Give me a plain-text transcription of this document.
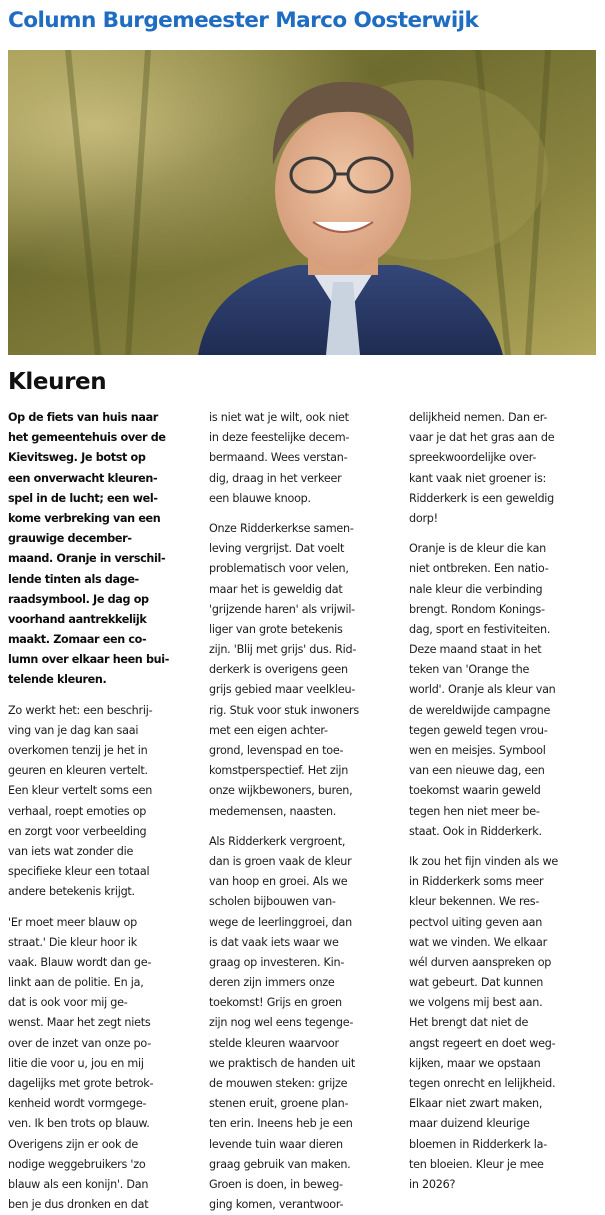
Column Burgemeester Marco Oosterwijk
Kleuren
Op de fiets van huis naar
het gemeentehuis over de
Kievitsweg. Je botst op
een onverwacht kleuren-
spel in de lucht; een wel-
kome verbreking van een
grauwige december-
maand. Oranje in verschil-
lende tinten als dage-
raadsymbool. Je dag op
voorhand aantrekkelijk
maakt. Zomaar een co-
lumn over elkaar heen bui-
telende kleuren.
Zo werkt het: een beschrij-
ving van je dag kan saai
overkomen tenzij je het in
geuren en kleuren vertelt.
Een kleur vertelt soms een
verhaal, roept emoties op
en zorgt voor verbeelding
van iets wat zonder die
specifieke kleur een totaal
andere betekenis krijgt.
'Er moet meer blauw op
straat.' Die kleur hoor ik
vaak. Blauw wordt dan ge-
linkt aan de politie. En ja,
dat is ook voor mij ge-
wenst. Maar het zegt niets
over de inzet van onze po-
litie die voor u, jou en mij
dagelijks met grote betrok-
kenheid wordt vormgege-
ven. Ik ben trots op blauw.
Overigens zijn er ook de
nodige weggebruikers 'zo
blauw als een konijn'. Dan
ben je dus dronken en dat
is niet wat je wilt, ook niet
in deze feestelijke decem-
bermaand. Wees verstan-
dig, draag in het verkeer
een blauwe knoop.
Onze Ridderkerkse samen-
leving vergrijst. Dat voelt
problematisch voor velen,
maar het is geweldig dat
'grijzende haren' als vrijwil-
liger van grote betekenis
zijn. 'Blij met grijs' dus. Rid-
derkerk is overigens geen
grijs gebied maar veelkleu-
rig. Stuk voor stuk inwoners
met een eigen achter-
grond, levenspad en toe-
komstperspectief. Het zijn
onze wijkbewoners, buren,
medemensen, naasten.
Als Ridderkerk vergroent,
dan is groen vaak de kleur
van hoop en groei. Als we
scholen bijbouwen van-
wege de leerlinggroei, dan
is dat vaak iets waar we
graag op investeren. Kin-
deren zijn immers onze
toekomst! Grijs en groen
zijn nog wel eens tegenge-
stelde kleuren waarvoor
we praktisch de handen uit
de mouwen steken: grijze
stenen eruit, groene plan-
ten erin. Ineens heb je een
levende tuin waar dieren
graag gebruik van maken.
Groen is doen, in beweg-
ging komen, verantwoor-
delijkheid nemen. Dan er-
vaar je dat het gras aan de
spreekwoordelijke over-
kant vaak niet groener is:
Ridderkerk is een geweldig
dorp!
Oranje is de kleur die kan
niet ontbreken. Een natio-
nale kleur die verbinding
brengt. Rondom Konings-
dag, sport en festiviteiten.
Deze maand staat in het
teken van 'Orange the
world'. Oranje als kleur van
de wereldwijde campagne
tegen geweld tegen vrou-
wen en meisjes. Symbool
van een nieuwe dag, een
toekomst waarin geweld
tegen hen niet meer be-
staat. Ook in Ridderkerk.
Ik zou het fijn vinden als we
in Ridderkerk soms meer
kleur bekennen. We res-
pectvol uiting geven aan
wat we vinden. We elkaar
wél durven aanspreken op
wat gebeurt. Dat kunnen
we volgens mij best aan.
Het brengt dat niet de
angst regeert en doet weg-
kijken, maar we opstaan
tegen onrecht en lelijkheid.
Elkaar niet zwart maken,
maar duizend kleurige
bloemen in Ridderkerk la-
ten bloeien. Kleur je mee
in 2026?
